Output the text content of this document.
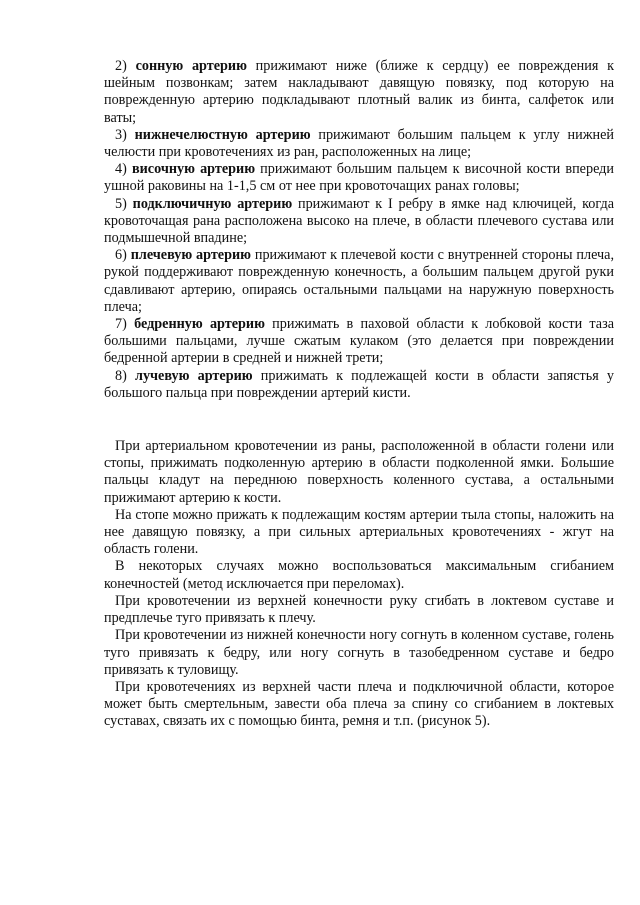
2) сонную артерию прижимают ниже (ближе к сердцу) ее повреждения к шейным позвонкам; затем накладывают давящую повязку, под которую на поврежденную артерию подкладывают плотный валик из бинта, салфеток или ваты;

3) нижнечелюстную артерию прижимают большим пальцем к углу нижней челюсти при кровотечениях из ран, расположенных на лице;

4) височную артерию прижимают большим пальцем к височной кости впереди ушной раковины на 1-1,5 см от нее при кровоточащих ранах головы;

5) подключичную артерию прижимают к I ребру в ямке над ключицей, когда кровоточащая рана расположена высоко на плече, в области плечевого сустава или подмышечной впадине;

6) плечевую артерию прижимают к плечевой кости с внутренней стороны плеча, рукой поддерживают поврежденную конечность, а большим пальцем другой руки сдавливают артерию, опираясь остальными пальцами на наружную поверхность плеча;

7) бедренную артерию прижимать в паховой области к лобковой кости таза большими пальцами, лучше сжатым кулаком (это делается при повреждении бедренной артерии в средней и нижней трети;

8) лучевую артерию прижимать к подлежащей кости в области запястья у большого пальца при повреждении артерий кисти.

При артериальном кровотечении из раны, расположенной в области голени или стопы, прижимать подколенную артерию в области подколенной ямки. Большие пальцы кладут на переднюю поверхность коленного сустава, а остальными прижимают артерию к кости.

На стопе можно прижать к подлежащим костям артерии тыла стопы, наложить на нее давящую повязку, а при сильных артериальных кровотечениях - жгут на область голени.

В некоторых случаях можно воспользоваться максимальным сгибанием конечностей (метод исключается при переломах).

При кровотечении из верхней конечности руку сгибать в локтевом суставе и предплечье туго привязать к плечу.

При кровотечении из нижней конечности ногу согнуть в коленном суставе, голень туго привязать к бедру, или ногу согнуть в тазобедренном суставе и бедро привязать к туловищу.

При кровотечениях из верхней части плеча и подключичной области, которое может быть смертельным, завести оба плеча за спину со сгибанием в локтевых суставах, связать их с помощью бинта, ремня и т.п. (рисунок 5).
